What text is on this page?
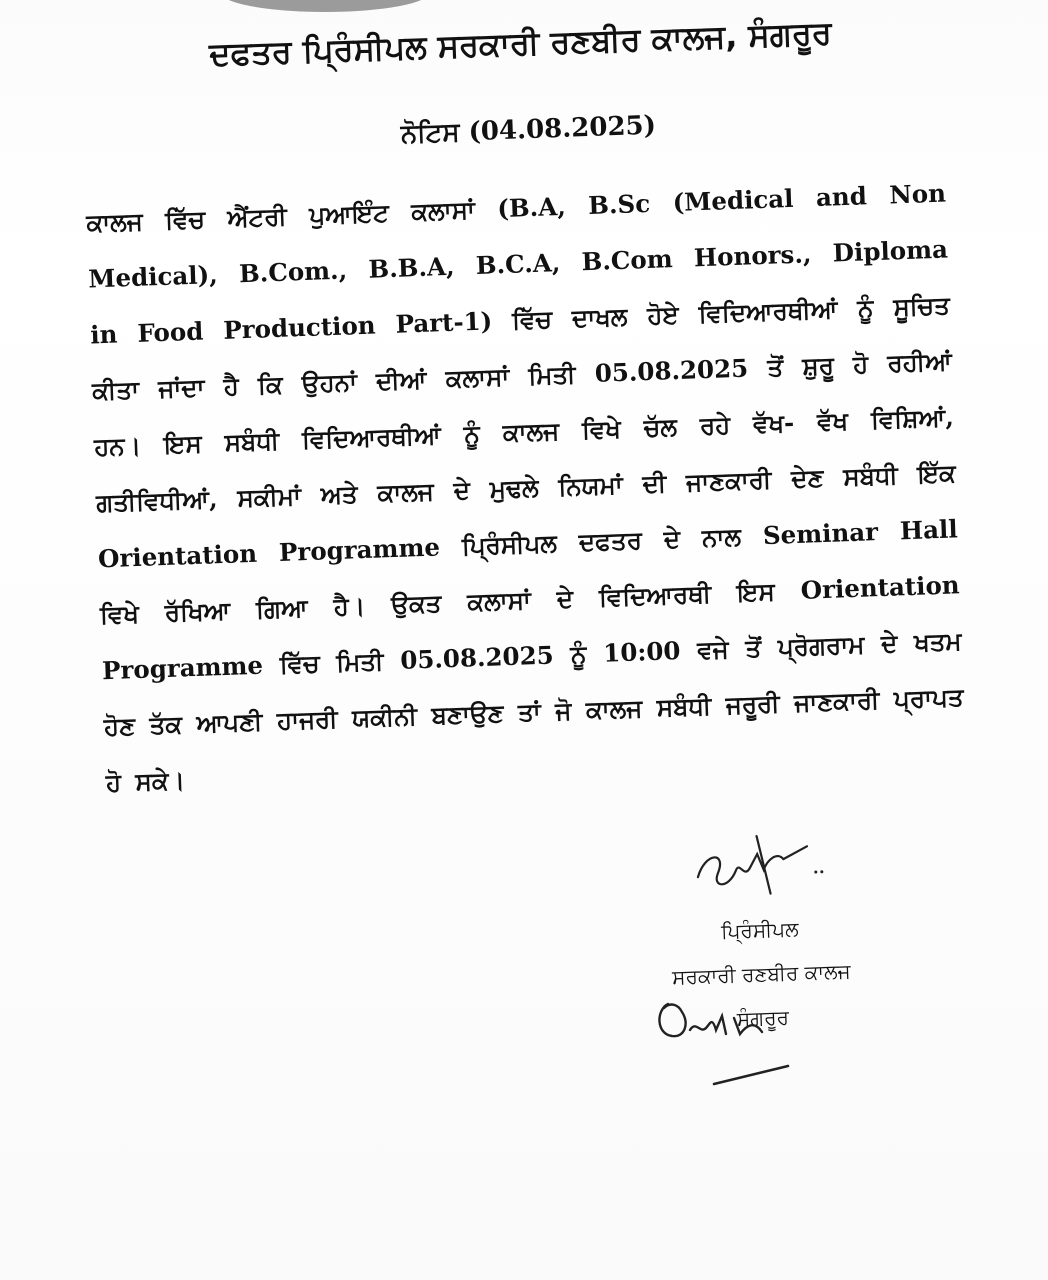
ਦਫਤਰ ਪ੍ਰਿੰਸੀਪਲ ਸਰਕਾਰੀ ਰਣਬੀਰ ਕਾਲਜ, ਸੰਗਰੂਰ
ਨੋਟਿਸ (04.08.2025)

ਕਾਲਜ ਵਿੱਚ ਐਂਟਰੀ ਪੁਆਇੰਟ ਕਲਾਸਾਂ (B.A, B.Sc (Medical and Non Medical), B.Com., B.B.A, B.C.A, B.Com Honors., Diploma in Food Production Part-1) ਵਿੱਚ ਦਾਖਲ ਹੋਏ ਵਿਦਿਆਰਥੀਆਂ ਨੂੰ ਸੂਚਿਤ ਕੀਤਾ ਜਾਂਦਾ ਹੈ ਕਿ ਉਹਨਾਂ ਦੀਆਂ ਕਲਾਸਾਂ ਮਿਤੀ 05.08.2025 ਤੋਂ ਸ਼ੁਰੂ ਹੋ ਰਹੀਆਂ ਹਨ। ਇਸ ਸਬੰਧੀ ਵਿਦਿਆਰਥੀਆਂ ਨੂੰ ਕਾਲਜ ਵਿਖੇ ਚੱਲ ਰਹੇ ਵੱਖ- ਵੱਖ ਵਿਸ਼ਿਆਂ, ਗਤੀਵਿਧੀਆਂ, ਸਕੀਮਾਂ ਅਤੇ ਕਾਲਜ ਦੇ ਮੁਢਲੇ ਨਿਯਮਾਂ ਦੀ ਜਾਣਕਾਰੀ ਦੇਣ ਸਬੰਧੀ ਇੱਕ Orientation Programme ਪ੍ਰਿੰਸੀਪਲ ਦਫਤਰ ਦੇ ਨਾਲ Seminar Hall ਵਿਖੇ ਰੱਖਿਆ ਗਿਆ ਹੈ। ਉਕਤ ਕਲਾਸਾਂ ਦੇ ਵਿਦਿਆਰਥੀ ਇਸ Orientation Programme ਵਿੱਚ ਮਿਤੀ 05.08.2025 ਨੂੰ 10:00 ਵਜੇ ਤੋਂ ਪ੍ਰੋਗਰਾਮ ਦੇ ਖਤਮ ਹੋਣ ਤੱਕ ਆਪਣੀ ਹਾਜਰੀ ਯਕੀਨੀ ਬਣਾਉਣ ਤਾਂ ਜੋ ਕਾਲਜ ਸਬੰਧੀ ਜਰੂਰੀ ਜਾਣਕਾਰੀ ਪ੍ਰਾਪਤ ਹੋ ਸਕੇ।

ਪ੍ਰਿੰਸੀਪਲ
ਸਰਕਾਰੀ ਰਣਬੀਰ ਕਾਲਜ
ਸੰਗਰੂਰ
